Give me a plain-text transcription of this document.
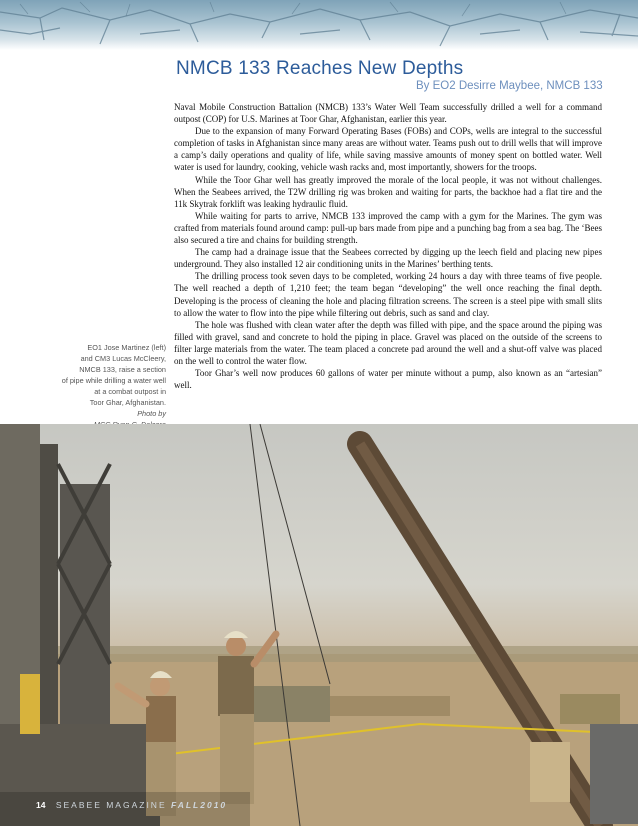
NMCB 133 Reaches New Depths
By EO2 Desirre Maybee, NMCB 133

Naval Mobile Construction Battalion (NMCB) 133’s Water Well Team successfully drilled a well for a command outpost (COP) for U.S. Marines at Toor Ghar, Afghanistan, earlier this year.

Due to the expansion of many Forward Operating Bases (FOBs) and COPs, wells are integral to the successful completion of tasks in Afghanistan since many areas are without water. Teams push out to drill wells that will improve a camp’s daily operations and quality of life, while saving massive amounts of money spent on bottled water. Well water is used for laundry, cooking, vehicle wash racks and, most importantly, showers for the troops.

While the Toor Ghar well has greatly improved the morale of the local people, it was not without challenges. When the Seabees arrived, the T2W drilling rig was broken and waiting for parts, the backhoe had a flat tire and the 11k Skytrak forklift was leaking hydraulic fluid.

While waiting for parts to arrive, NMCB 133 improved the camp with a gym for the Marines. The gym was crafted from materials found around camp: pull-up bars made from pipe and a punching bag from a sea bag. The ‘Bees also secured a tire and chains for building strength.

The camp had a drainage issue that the Seabees corrected by digging up the leech field and placing new pipes underground. They also installed 12 air conditioning units in the Marines’ berthing tents.

The drilling process took seven days to be completed, working 24 hours a day with three teams of five people. The well reached a depth of 1,210 feet; the team began “developing” the well once reaching the final depth. Developing is the process of cleaning the hole and placing filtration screens. The screen is a steel pipe with small slits to allow the water to flow into the pipe while filtering out debris, such as sand and clay.

The hole was flushed with clean water after the depth was filled with pipe, and the space around the piping was filled with gravel, sand and concrete to hold the piping in place. Gravel was placed on the outside of the screens to filter large materials from the water. The team placed a concrete pad around the well and a shut-off valve was placed on the well to control the water flow.

Toor Ghar’s well now produces 60 gallons of water per minute without a pump, also known as an “artesian” well.

EO1 Jose Martinez (left)
and CM3 Lucas McCleery,
NMCB 133, raise a section
of pipe while drilling a water well
at a combat outpost in
Toor Ghar, Afghanistan.
Photo by
14 SEABEE MAGAZINE FALL2010
